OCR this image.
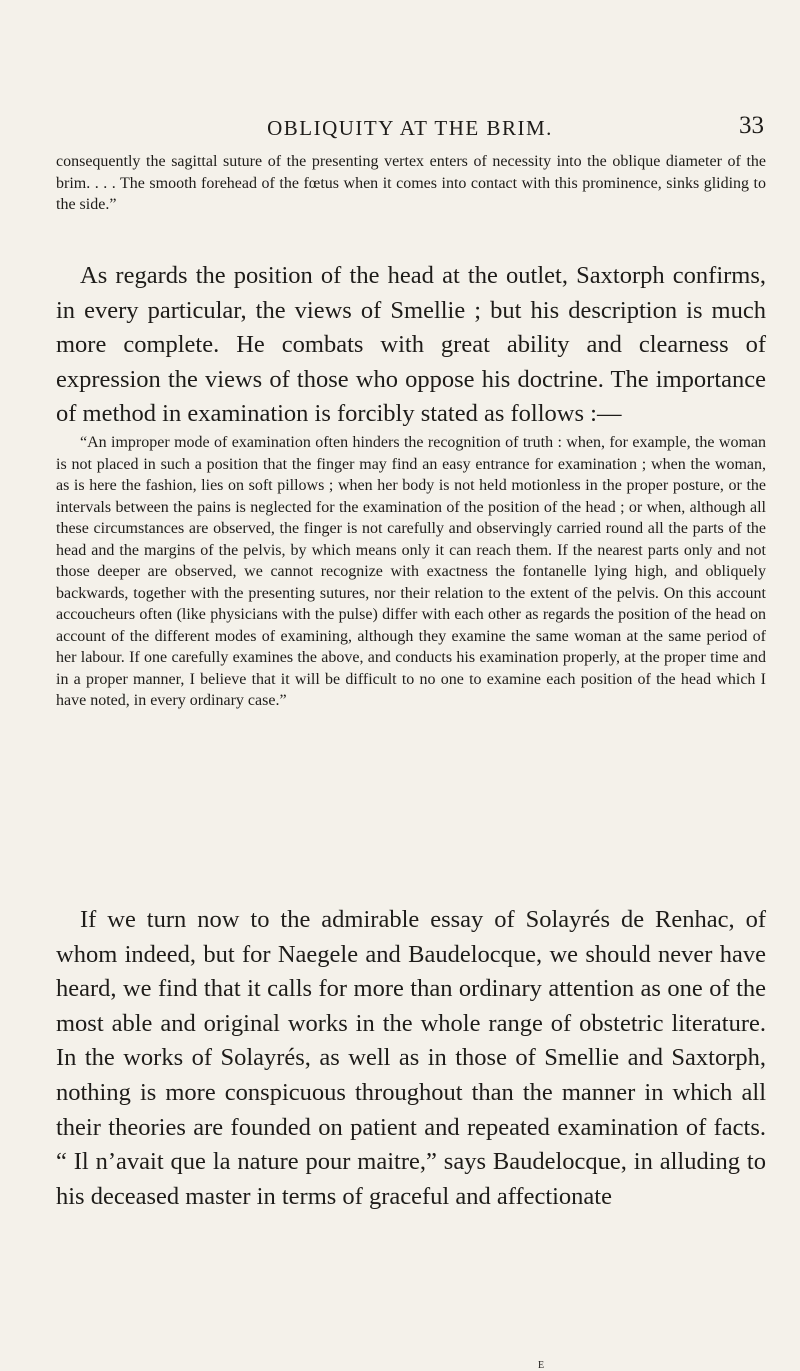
OBLIQUITY AT THE BRIM.	33

consequently the sagittal suture of the presenting vertex enters of necessity into the oblique diameter of the brim. . . . The smooth forehead of the fœtus when it comes into contact with this prominence, sinks gliding to the side.”

As regards the position of the head at the outlet, Saxtorph confirms, in every particular, the views of Smellie ; but his description is much more complete. He combats with great ability and clearness of expression the views of those who oppose his doctrine. The importance of method in examination is forcibly stated as follows :—

“An improper mode of examination often hinders the recognition of truth : when, for example, the woman is not placed in such a position that the finger may find an easy entrance for examination ; when the woman, as is here the fashion, lies on soft pillows ; when her body is not held motionless in the proper posture, or the intervals between the pains is neglected for the examination of the position of the head ; or when, although all these circumstances are observed, the finger is not carefully and observingly carried round all the parts of the head and the margins of the pelvis, by which means only it can reach them. If the nearest parts only and not those deeper are observed, we cannot recognize with exactness the fontanelle lying high, and obliquely backwards, together with the presenting sutures, nor their relation to the extent of the pelvis. On this account accoucheurs often (like physicians with the pulse) differ with each other as regards the position of the head on account of the different modes of examining, although they examine the same woman at the same period of her labour. If one carefully examines the above, and conducts his examination properly, at the proper time and in a proper manner, I believe that it will be difficult to no one to examine each position of the head which I have noted, in every ordinary case.”

If we turn now to the admirable essay of Solayrés de Renhac, of whom indeed, but for Naegele and Baudelocque, we should never have heard, we find that it calls for more than ordinary attention as one of the most able and original works in the whole range of obstetric literature. In the works of Solayrés, as well as in those of Smellie and Saxtorph, nothing is more conspicuous throughout than the manner in which all their theories are founded on patient and repeated examination of facts. “ Il n’avait que la nature pour maitre,” says Baudelocque, in alluding to his deceased master in terms of graceful and affectionate

E
